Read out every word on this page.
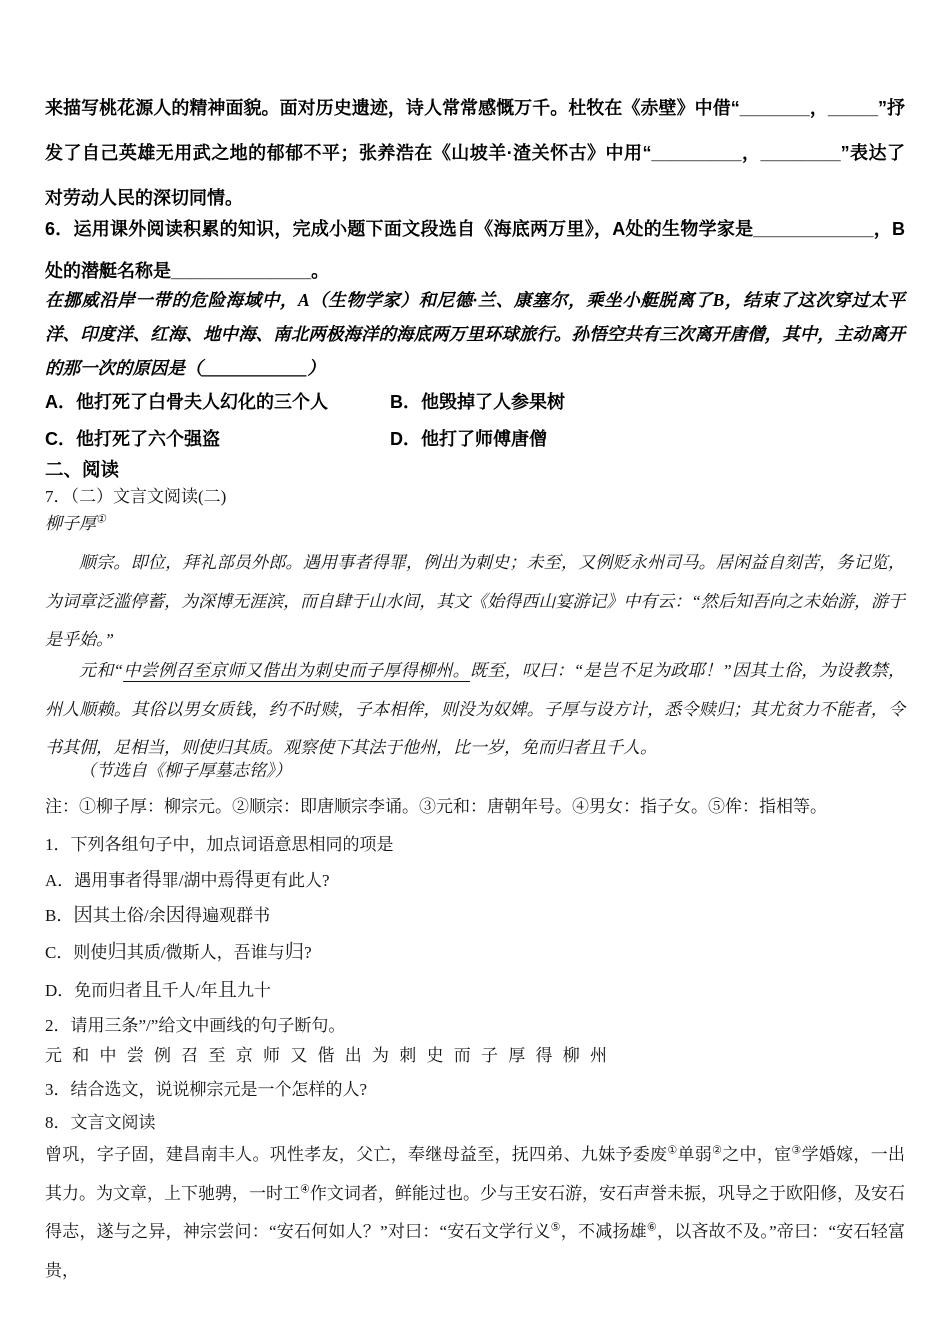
来描写桃花源人的精神面貌。面对历史遗迹，诗人常常感慨万千。杜牧在《赤壁》中借“_______，_____”抒发了自己英雄无用武之地的郁郁不平；张养浩在《山坡羊·渣关怀古》中用“_________，________”表达了对劳动人民的深切同情。
6．运用课外阅读积累的知识，完成小题下面文段选自《海底两万里》，A处的生物学家是____________，B处的潜艇名称是______________。
在挪威沿岸一带的危险海域中，A（生物学家）和尼德·兰、康塞尔，乘坐小艇脱离了B，结束了这次穿过太平洋、印度洋、红海、地中海、南北两极海洋的海底两万里环球旅行。孙悟空共有三次离开唐僧，其中，主动离开的那一次的原因是（____________）
A．他打死了白骨夫人幻化的三个人	B．他毁掉了人参果树
C．他打死了六个强盗	D．他打了师傅唐僧
二、阅读
7．（二）文言文阅读(二)
柳子厚①
顺宗。即位，拜礼部员外郎。遇用事者得罪，例出为刺史；未至，又例贬永州司马。居闲益自刻苦，务记览，为词章泛滥停蓄，为深博无涯滨，而自肆于山水间，其文《始得西山宴游记》中有云：“然后知吾向之未始游，游于是乎始。”
元和“中尝例召至京师又偕出为刺史而子厚得柳州。既至，叹曰：“是岂不足为政耶！”因其土俗，为设教禁，州人顺赖。其俗以男女质钱，约不时赎，子本相侔，则没为奴婢。子厚与设方计，悉令赎归；其尤贫力不能者，令书其佣，足相当，则使归其质。观察使下其法于他州，比一岁，免而归者且千人。
（节选自《柳子厚墓志铭》）
注：①柳子厚：柳宗元。②顺宗：即唐顺宗李诵。③元和：唐朝年号。④男女：指子女。⑤侔：指相等。
1．下列各组句子中，加点词语意思相同的项是
A．遇用事者得罪/湖中焉得更有此人?
B．因其土俗/余因得遍观群书
C．则使归其质/微斯人，吾谁与归?
D．免而归者且千人/年且九十
2．请用三条”/”给文中画线的句子断句。
元 和 中 尝 例 召 至 京 师 又 偕 出 为 刺 史 而 子 厚 得 柳 州
3．结合选文，说说柳宗元是一个怎样的人?
8．文言文阅读
曾巩，字子固，建昌南丰人。巩性孝友，父亡，奉继母益至，抚四弟、九妹予委废①单弱②之中，宦③学婚嫁，一出其力。为文章，上下驰骋，一时工④作文词者，鲜能过也。少与王安石游，安石声誉未振，巩导之于欧阳修，及安石得志，遂与之异，神宗尝问：“安石何如人？”对曰：“安石文学行义⑤，不减扬雄⑥，以吝故不及。”帝曰：“安石轻富贵，
